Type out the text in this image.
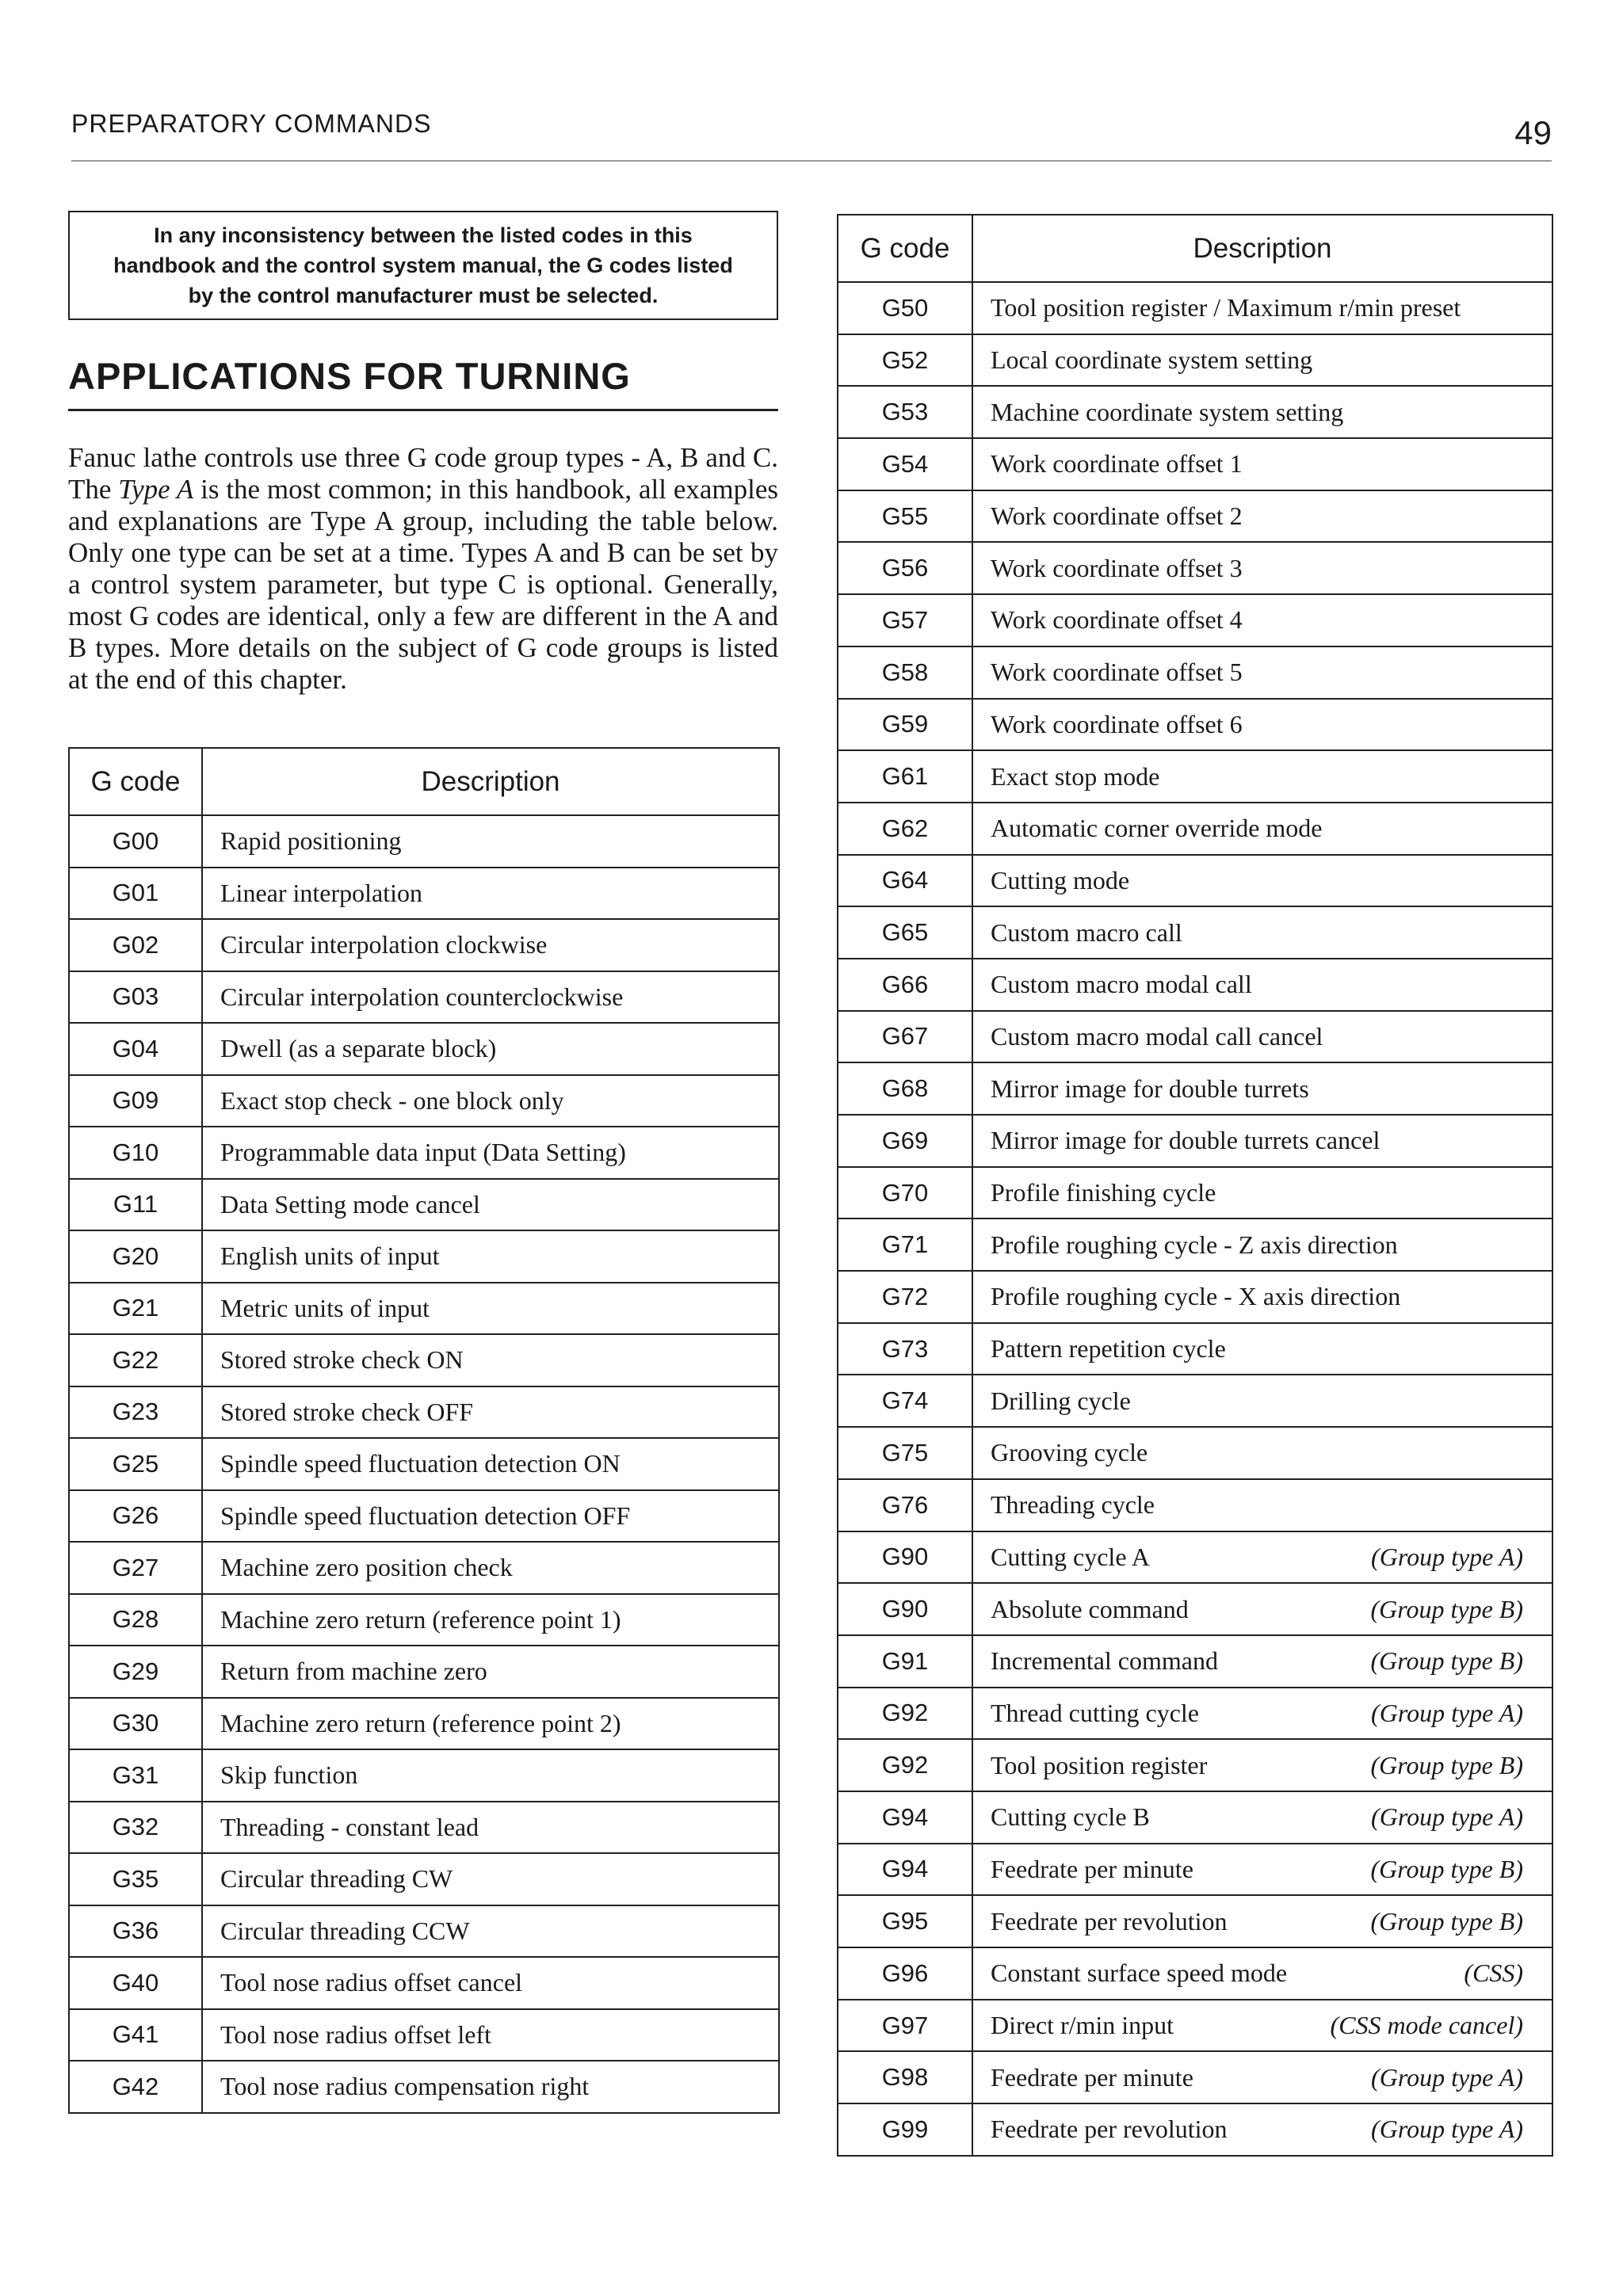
PREPARATORY COMMANDS	49
In any inconsistency between the listed codes in this handbook and the control system manual, the G codes listed by the control manufacturer must be selected.
APPLICATIONS FOR TURNING

Fanuc lathe controls use three G code group types - A, B and C. The Type A is the most common; in this handbook, all examples and explanations are Type A group, including the table below. Only one type can be set at a time. Types A and B can be set by a control system parameter, but type C is optional. Generally, most G codes are identical, only a few are different in the A and B types. More details on the subject of G code groups is listed at the end of this chapter.

G code	Description
G00	Rapid positioning
G01	Linear interpolation
G02	Circular interpolation clockwise
G03	Circular interpolation counterclockwise
G04	Dwell (as a separate block)
G09	Exact stop check - one block only
G10	Programmable data input (Data Setting)
G11	Data Setting mode cancel
G20	English units of input
G21	Metric units of input
G22	Stored stroke check ON
G23	Stored stroke check OFF
G25	Spindle speed fluctuation detection ON
G26	Spindle speed fluctuation detection OFF
G27	Machine zero position check
G28	Machine zero return (reference point 1)
G29	Return from machine zero
G30	Machine zero return (reference point 2)
G31	Skip function
G32	Threading - constant lead
G35	Circular threading CW
G36	Circular threading CCW
G40	Tool nose radius offset cancel
G41	Tool nose radius offset left
G42	Tool nose radius compensation right
G code	Description
G50	Tool position register / Maximum r/min preset
G52	Local coordinate system setting
G53	Machine coordinate system setting
G54	Work coordinate offset 1
G55	Work coordinate offset 2
G56	Work coordinate offset 3
G57	Work coordinate offset 4
G58	Work coordinate offset 5
G59	Work coordinate offset 6
G61	Exact stop mode
G62	Automatic corner override mode
G64	Cutting mode
G65	Custom macro call
G66	Custom macro modal call
G67	Custom macro modal call cancel
G68	Mirror image for double turrets
G69	Mirror image for double turrets cancel
G70	Profile finishing cycle
G71	Profile roughing cycle - Z axis direction
G72	Profile roughing cycle - X axis direction
G73	Pattern repetition cycle
G74	Drilling cycle
G75	Grooving cycle
G76	Threading cycle
G90	Cutting cycle A (Group type A)

G90	Absolute command (Group type B)

G91	Incremental command (Group type B)

G92	Thread cutting cycle (Group type A)

G92	Tool position register (Group type B)

G94	Cutting cycle B (Group type A)

G94	Feedrate per minute (Group type B)

G95	Feedrate per revolution (Group type B)

G96	Constant surface speed mode (CSS)

G97	Direct r/min input (CSS mode cancel)

G98	Feedrate per minute (Group type A)

G99	Feedrate per revolution (Group type A)
